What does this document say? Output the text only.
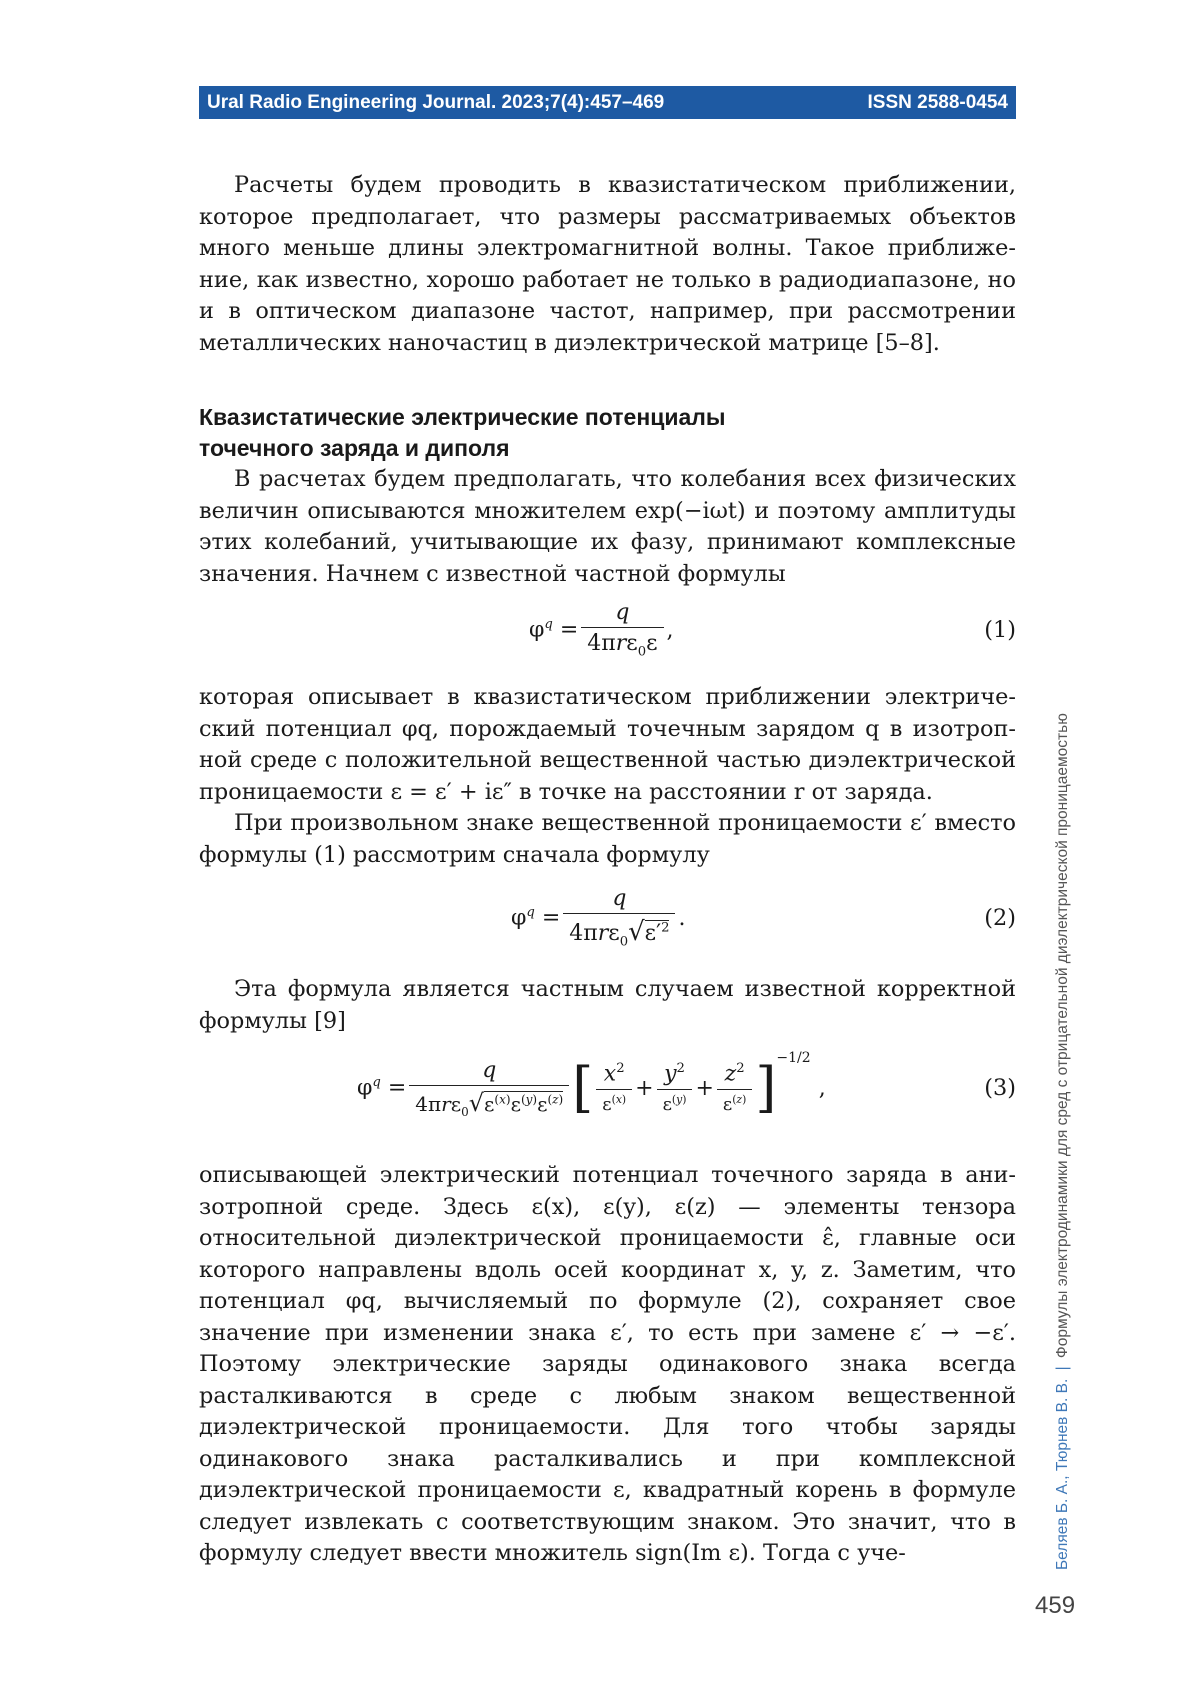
Ural Radio Engineering Journal. 2023;7(4):457–469	ISSN 2588-0454

Расчеты будем проводить в квазистатическом приближении, которое предполагает, что размеры рассматриваемых объектов много меньше длины электромагнитной волны. Такое приближение, как известно, хорошо работает не только в радиодиапазоне, но и в оптическом диапазоне частот, например, при рассмотрении металлических наночастиц в диэлектрической матрице [5–8].

Квазистатические электрические потенциалы точечного заряда и диполя

В расчетах будем предполагать, что колебания всех физических величин описываются множителем exp(−iωt) и поэтому амплитуды этих колебаний, учитывающие их фазу, принимают комплексные значения. Начнем с известной частной формулы

$\varphi^q = \frac{q}{4\pi r\varepsilon_0\varepsilon}$ ,	(1)

которая описывает в квазистатическом приближении электрический потенциал φq, порождаемый точечным зарядом q в изотропной среде с положительной вещественной частью диэлектрической проницаемости ε = ε′ + iε″ в точке на расстоянии r от заряда.

При произвольном знаке вещественной проницаемости ε′ вместо формулы (1) рассмотрим сначала формулу

$\varphi^q = \frac{q}{4\pi r\varepsilon_0√\varepsilon'^2}$ .	(2)

Эта формула является частным случаем известной корректной формулы [9]

$\varphi^q = \frac{q}{4\pi r\varepsilon_0√\varepsilon^{(x)}\varepsilon^{(y)}\varepsilon^{(z)}}$ [ $\frac{x^2}{\varepsilon^{(x)}} + \frac{y^2}{\varepsilon^{(y)}} + \frac{z^2}{\varepsilon^{(z)}}$ ] −1/2
,	(3)

описывающей электрический потенциал точечного заряда в анизотропной среде. Здесь ε(x), ε(y), ε(z) — элементы тензора относительной диэлектрической проницаемости ε̂, главные оси которого направлены вдоль осей координат x, y, z. Заметим, что потенциал φq, вычисляемый по формуле (2), сохраняет свое значение при изменении знака ε′, то есть при замене ε′ → −ε′. Поэтому электрические заряды одинакового знака всегда расталкиваются в среде с любым знаком вещественной диэлектрической проницаемости. Для того чтобы заряды одинакового знака расталкивались и при комплексной диэлектрической проницаемости ε, квадратный корень в формуле следует извлекать с соответствующим знаком. Это значит, что в формулу следует ввести множитель sign(Im ε). Тогда с уче-	Беляев Б. А., Тюрнев В. В. | Формулы электродинамики для сред с отрицательной диэлектрической проницаемостью
459
